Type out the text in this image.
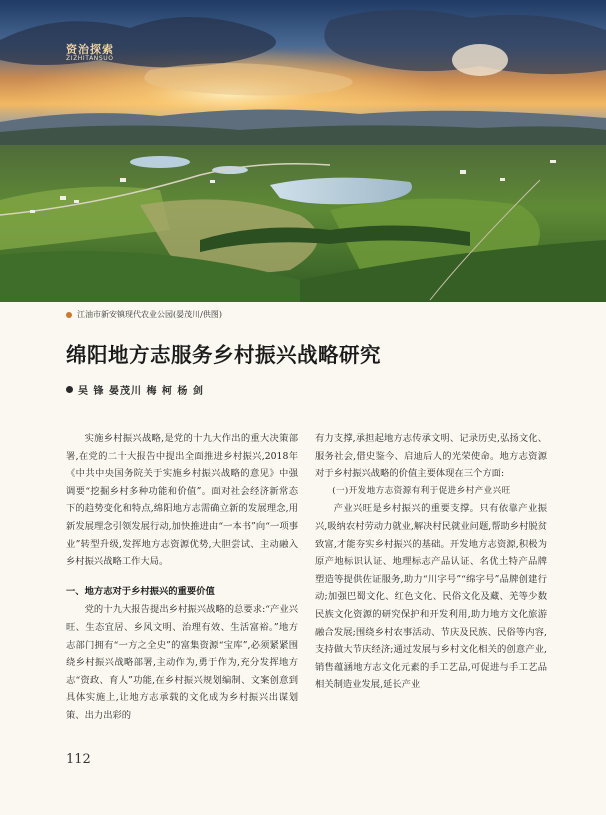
资治探索
ZIZHITANSUO
江油市新安镇现代农业公园(晏茂川/供图)
绵阳地方志服务乡村振兴战略研究
吴 锋 晏茂川 梅 柯 杨 剑

实施乡村振兴战略,是党的十九大作出的重大决策部署,在党的二十大报告中提出全面推进乡村振兴,2018年《中共中央国务院关于实施乡村振兴战略的意见》中强调要“挖掘乡村多种功能和价值”。面对社会经济新常态下的趋势变化和特点,绵阳地方志需确立新的发展理念,用新发展理念引领发展行动,加快推进由“一本书”向“一项事业”转型升级,发挥地方志资源优势,大胆尝试、主动融入乡村振兴战略工作大局。

一、地方志对于乡村振兴的重要价值

党的十九大报告提出乡村振兴战略的总要求:“产业兴旺、生态宜居、乡风文明、治理有效、生活富裕。”地方志部门拥有“一方之全史”的富集资源“宝库”,必须紧紧围绕乡村振兴战略部署,主动作为,勇于作为,充分发挥地方志“资政、育人”功能,在乡村振兴规划编制、文案创意到具体实施上,让地方志承载的文化成为乡村振兴出谋划策、出力出彩的

有力支撑,承担起地方志传承文明、记录历史,弘扬文化、服务社会,借史鉴今、启迪后人的光荣使命。地方志资源对于乡村振兴战略的价值主要体现在三个方面:

(一)开发地方志资源有利于促进乡村产业兴旺

产业兴旺是乡村振兴的重要支撑。只有依靠产业振兴,吸纳农村劳动力就业,解决村民就业问题,帮助乡村脱贫致富,才能夯实乡村振兴的基础。开发地方志资源,积极为原产地标识认证、地理标志产品认证、名优土特产品牌塑造等提供佐证服务,助力“川字号”“绵字号”品牌创建行动;加强巴蜀文化、红色文化、民俗文化及藏、羌等少数民族文化资源的研究保护和开发利用,助力地方文化旅游融合发展;围绕乡村农事活动、节庆及民族、民俗等内容,支持做大节庆经济;通过发展与乡村文化相关的创意产业,销售蕴涵地方志文化元素的手工艺品,可促进与手工艺品相关制造业发展,延长产业

112
